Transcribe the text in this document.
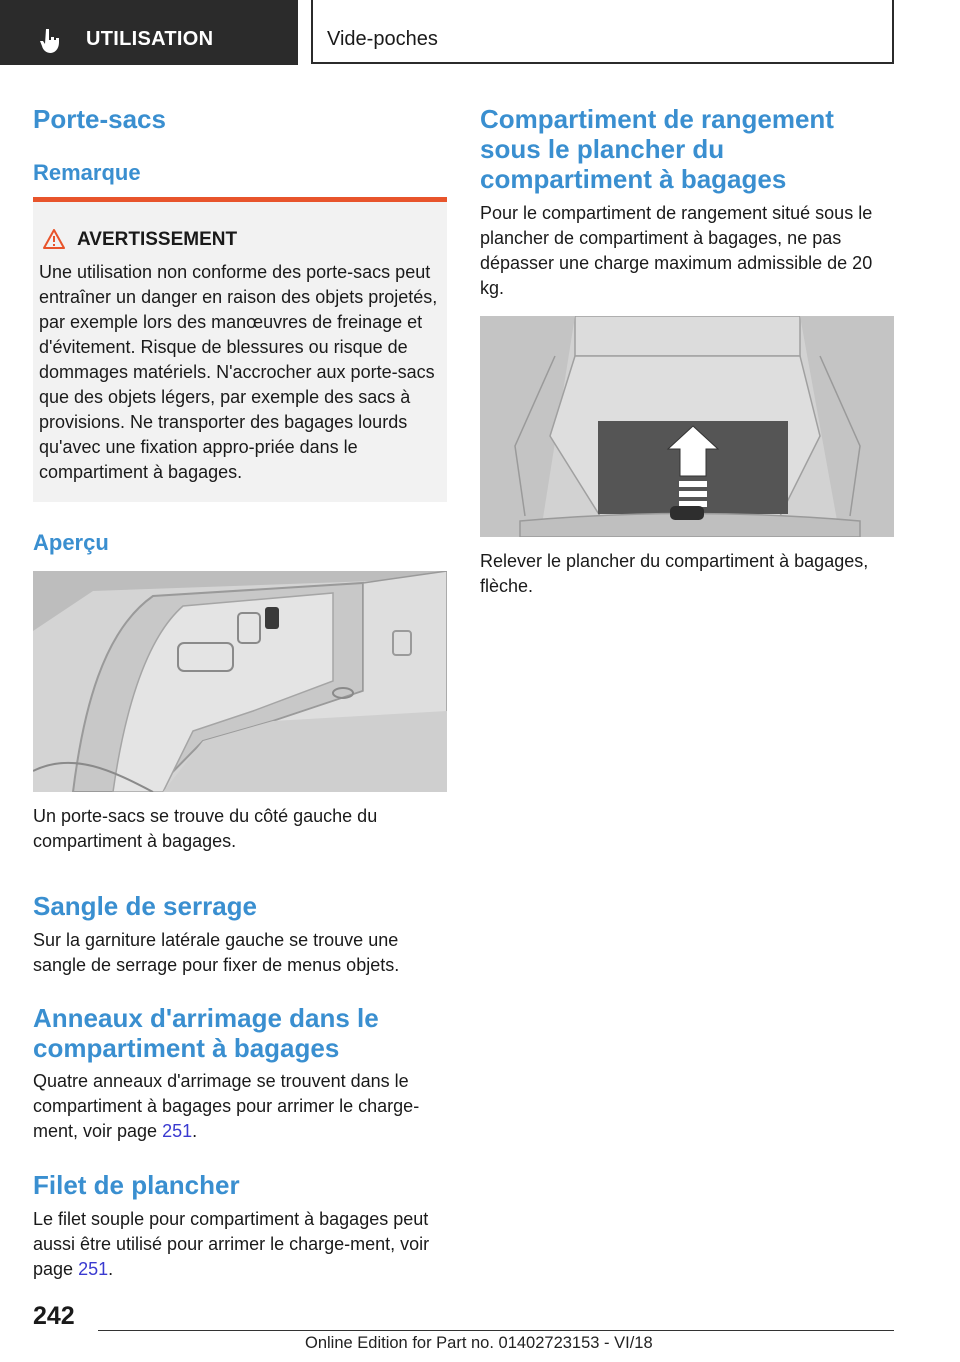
UTILISATION	Vide-poches
Porte-sacs
Remarque
AVERTISSEMENT
Une utilisation non conforme des porte-sacs peut entraîner un danger en raison des objets projetés, par exemple lors des manœuvres de freinage et d'évitement. Risque de blessures ou risque de dommages matériels. N'accrocher aux porte-sacs que des objets légers, par exemple des sacs à provisions. Ne transporter des bagages lourds qu'avec une fixation appro‐priée dans le compartiment à bagages.
Aperçu
Un porte-sacs se trouve du côté gauche du compartiment à bagages.
Sangle de serrage
Sur la garniture latérale gauche se trouve une sangle de serrage pour fixer de menus objets.
Anneaux d'arrimage dans le compartiment à bagages
Quatre anneaux d'arrimage se trouvent dans le compartiment à bagages pour arrimer le charge‐ment, voir page 251.
Filet de plancher
Le filet souple pour compartiment à bagages peut aussi être utilisé pour arrimer le charge‐ment, voir page 251.
Compartiment de rangement sous le plancher du compartiment à bagages
Pour le compartiment de rangement situé sous le plancher de compartiment à bagages, ne pas dépasser une charge maximum admissible de 20 kg.
Relever le plancher du compartiment à bagages, flèche.
242
Online Edition for Part no. 01402723153 - VI/18
